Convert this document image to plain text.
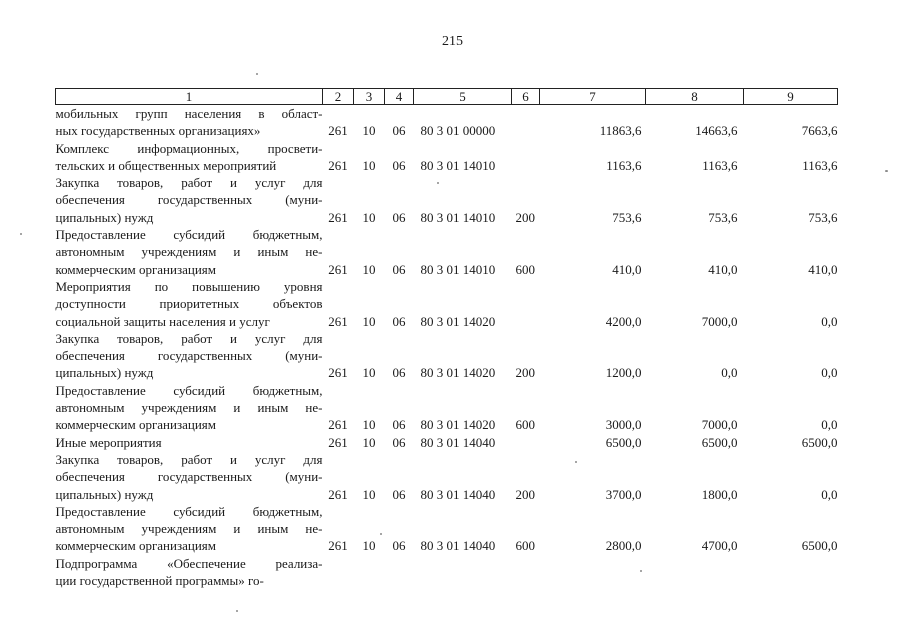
215
1	2	3	4	5	6	7	8	9

мобильных групп населения в област-
ных государственных организациях»	261	10	06	80 3 01 00000		11863,6	14663,6	7663,6

Комплекс информационных, просвети-
тельских и общественных мероприятий	261	10	06	80 3 01 14010		1163,6	1163,6	1163,6

Закупка товаров, работ и услуг для
обеспечения государственных (муни-
ципальных) нужд	261	10	06	80 3 01 14010	200	753,6	753,6	753,6

Предоставление субсидий бюджетным,
автономным учреждениям и иным не-
коммерческим организациям	261	10	06	80 3 01 14010	600	410,0	410,0	410,0

Мероприятия по повышению уровня
доступности приоритетных объектов
социальной защиты населения и услуг	261	10	06	80 3 01 14020		4200,0	7000,0	0,0

Закупка товаров, работ и услуг для
обеспечения государственных (муни-
ципальных) нужд	261	10	06	80 3 01 14020	200	1200,0	0,0	0,0

Предоставление субсидий бюджетным,
автономным учреждениям и иным не-
коммерческим организациям	261	10	06	80 3 01 14020	600	3000,0	7000,0	0,0

Иные мероприятия	261	10	06	80 3 01 14040		6500,0	6500,0	6500,0

Закупка товаров, работ и услуг для
обеспечения государственных (муни-
ципальных) нужд	261	10	06	80 3 01 14040	200	3700,0	1800,0	0,0

Предоставление субсидий бюджетным,
автономным учреждениям и иным не-
коммерческим организациям	261	10	06	80 3 01 14040	600	2800,0	4700,0	6500,0

Подпрограмма «Обеспечение реализа-
ции государственной программы» го-								
